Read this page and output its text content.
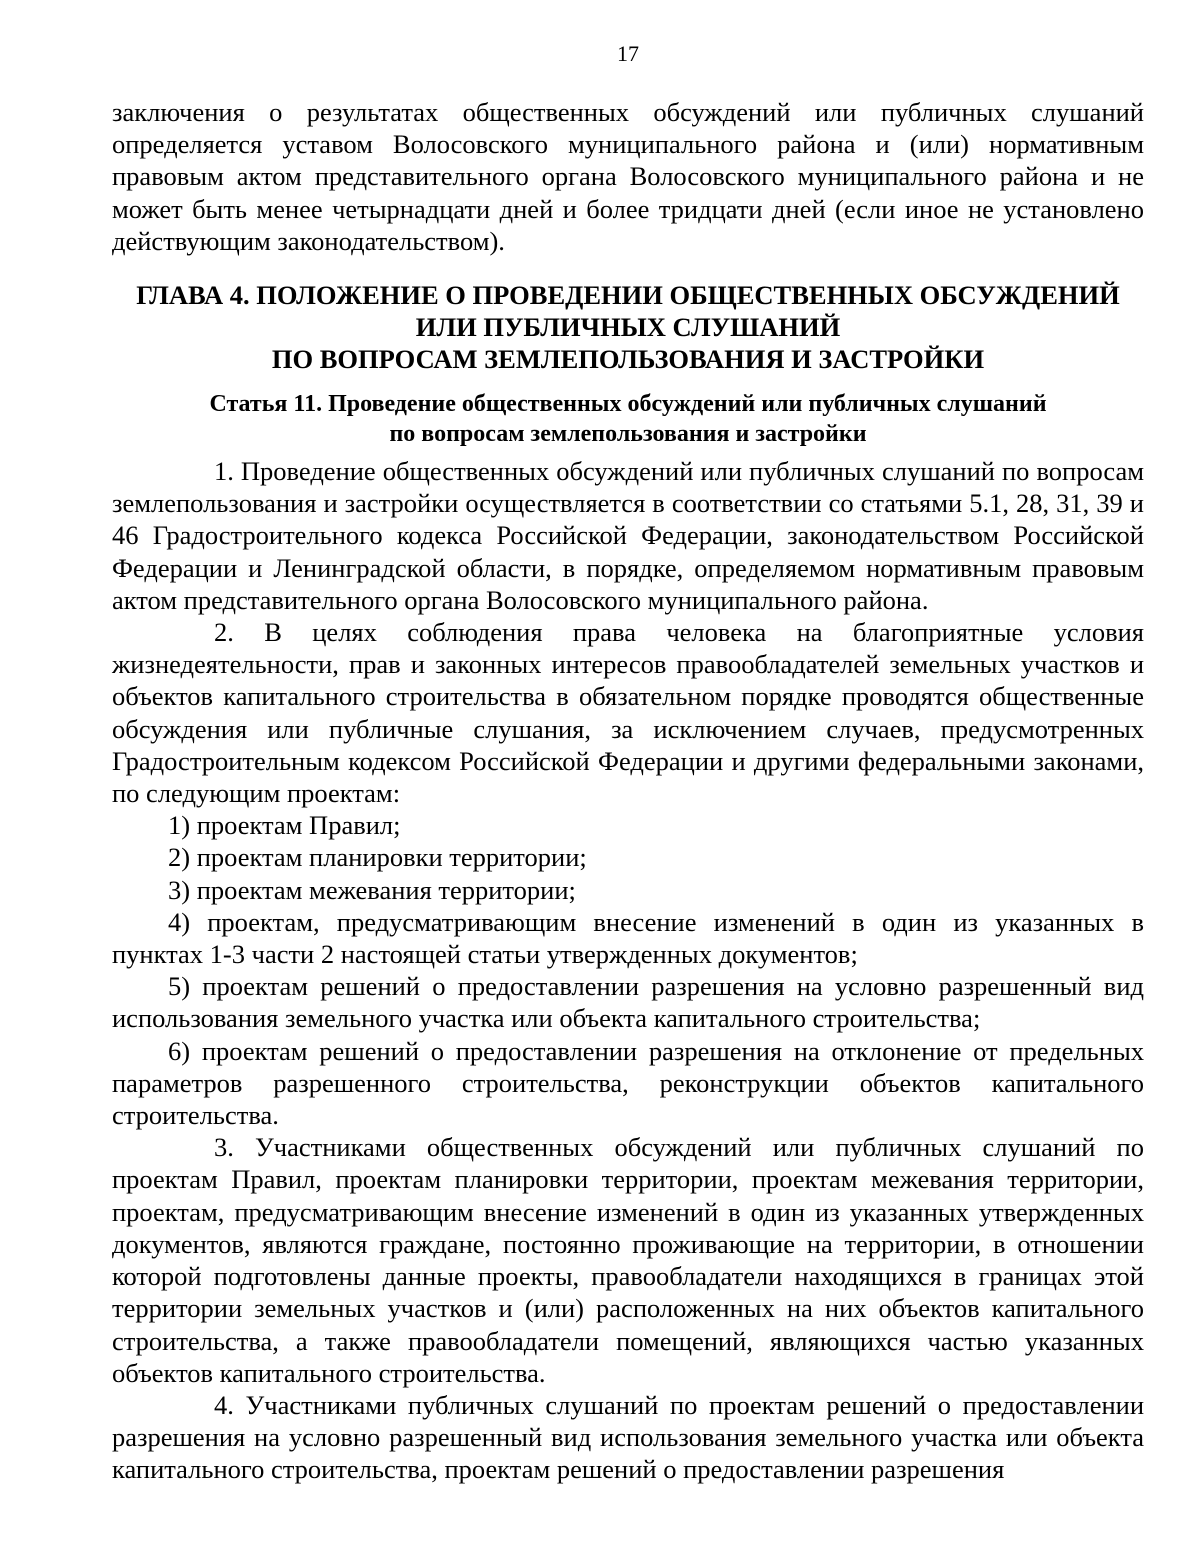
17

заключения о результатах общественных обсуждений или публичных слушаний определяется уставом Волосовского муниципального района и (или) нормативным правовым актом представительного органа Волосовского муниципального района и не может быть менее четырнадцати дней и более тридцати дней (если иное не установлено действующим законодательством).

ГЛАВА 4. ПОЛОЖЕНИЕ О ПРОВЕДЕНИИ ОБЩЕСТВЕННЫХ ОБСУЖДЕНИЙ
ИЛИ ПУБЛИЧНЫХ СЛУШАНИЙ
ПО ВОПРОСАМ ЗЕМЛЕПОЛЬЗОВАНИЯ И ЗАСТРОЙКИ
Статья 11. Проведение общественных обсуждений или публичных слушаний
по вопросам землепользования и застройки

1. Проведение общественных обсуждений или публичных слушаний по вопросам землепользования и застройки осуществляется в соответствии со статьями 5.1, 28, 31, 39 и 46 Градостроительного кодекса Российской Федерации, законодательством Российской Федерации и Ленинградской области, в порядке, определяемом нормативным правовым актом представительного органа Волосовского муниципального района.

2. В целях соблюдения права человека на благоприятные условия жизнедеятельности, прав и законных интересов правообладателей земельных участков и объектов капитального строительства в обязательном порядке проводятся общественные обсуждения или публичные слушания, за исключением случаев, предусмотренных Градостроительным кодексом Российской Федерации и другими федеральными законами, по следующим проектам:

1) проектам Правил;

2) проектам планировки территории;

3) проектам межевания территории;

4) проектам, предусматривающим внесение изменений в один из указанных в пунктах 1-3 части 2 настоящей статьи утвержденных документов;

5) проектам решений о предоставлении разрешения на условно разрешенный вид использования земельного участка или объекта капитального строительства;

6) проектам решений о предоставлении разрешения на отклонение от предельных параметров разрешенного строительства, реконструкции объектов капитального строительства.

3. Участниками общественных обсуждений или публичных слушаний по проектам Правил, проектам планировки территории, проектам межевания территории, проектам, предусматривающим внесение изменений в один из указанных утвержденных документов, являются граждане, постоянно проживающие на территории, в отношении которой подготовлены данные проекты, правообладатели находящихся в границах этой территории земельных участков и (или) расположенных на них объектов капитального строительства, а также правообладатели помещений, являющихся частью указанных объектов капитального строительства.

4. Участниками публичных слушаний по проектам решений о предоставлении разрешения на условно разрешенный вид использования земельного участка или объекта капитального строительства, проектам решений о предоставлении разрешения
